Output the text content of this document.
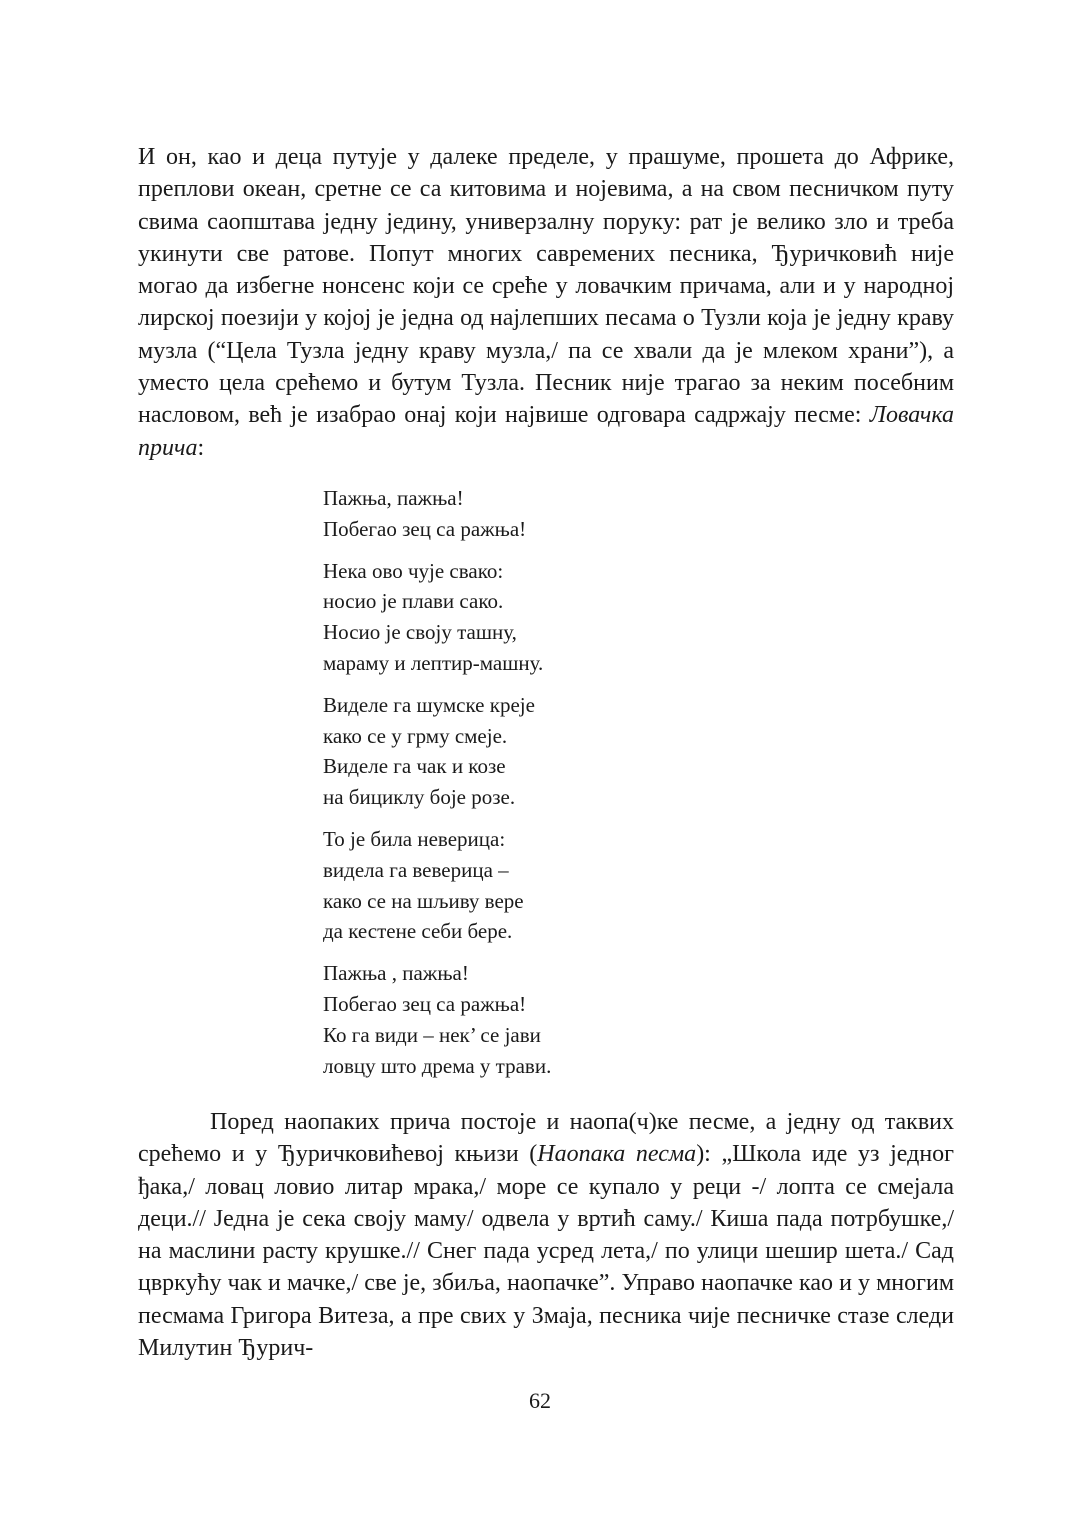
И он, као и деца путује у далеке пределе, у прашуме, прошета до Африке, преплови океан, сретне се са китовима и нојевима, а на свом песничком путу свима саопштава једну једину, универзалну поруку: рат је велико зло и треба укинути све ратове. Попут многих савремених песника, Ђуричковић није могао да избегне нонсенс који се среће у ловачким причама, али и у народној лирској поезији у којој је једна од најлепших песама о Тузли која је једну краву музла (“Цела Тузла једну краву музла,/ па се хвали да је млеком храни”), а уместо цела срећемо и бутум Тузла. Песник није трагао за неким посебним насловом, већ је изабрао онај који највише одговара садржају песме: Ловачка прича:

Пажња, пажња!
Побегао зец са ражња!
Нека ово чује свако:
носио је плави сако.
Носио је своју ташну,
мараму и лептир-машну.
Виделе га шумске креје
како се у грму смеје.
Виделе га чак и козе
на бициклу боје розе.
То је била неверица:
видела га веверица –
како се на шљиву вере
да кестене себи бере.
Пажња , пажња!
Побегао зец са ражња!
Ко га види – нек’ се јави
ловцу што дрема у трави.

Поред наопаких прича постоје и наопа(ч)ке песме, а једну од таквих срећемо и у Ђуричковићевој књизи (Наопака песма): „Школа иде уз једног ђака,/ ловац ловио литар мрака,/ море се купало у реци -/ лопта се смејала деци.// Једна је сека своју маму/ одвела у вртић саму./ Киша пада потрбушке,/ на маслини расту крушке.// Снег пада усред лета,/ по улици шешир шета./ Сад цвркућу чак и мачке,/ све је, збиља, наопачке”. Управо наопачке као и у многим песмама Григора Витеза, а пре свих у Змаја, песника чије песничке стазе следи Милутин Ђурич-

62
